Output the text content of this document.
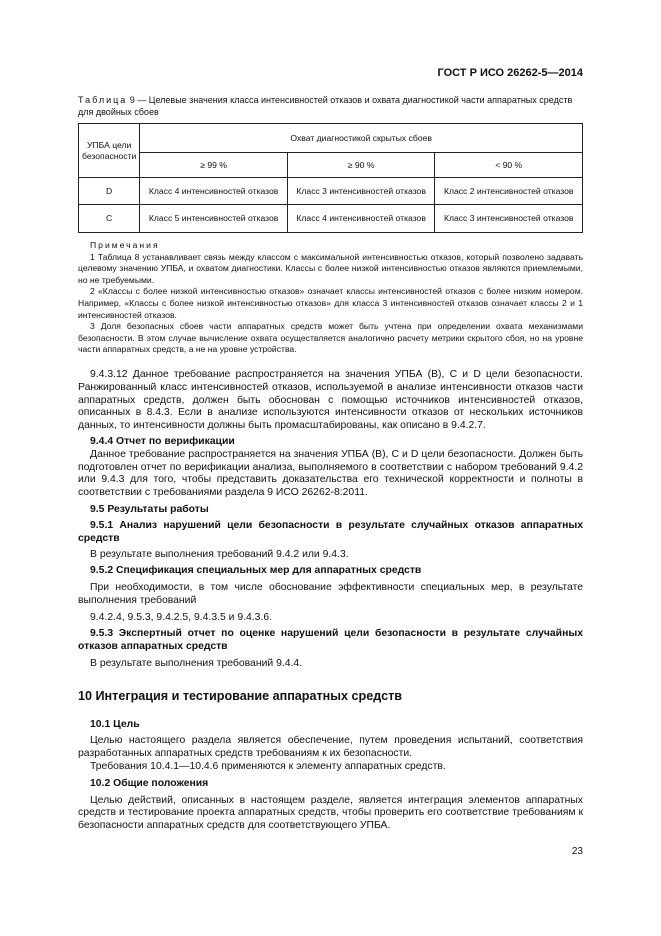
ГОСТ Р ИСО 26262-5—2014
Таблица 9 — Целевые значения класса интенсивностей отказов и охвата диагностикой части аппаратных средств для двойных сбоев
УПБА цели безопасности	Охват диагностикой скрытых сбоев		
	≥ 99 %	≥ 90 %	< 90 %
D	Класс 4 интенсивностей отказов	Класс 3 интенсивностей отказов	Класс 2 интенсивностей отказов
C	Класс 5 интенсивностей отказов	Класс 4 интенсивностей отказов	Класс 3 интенсивностей отказов

Примечания

1 Таблица 8 устанавливает связь между классом с максимальной интенсивностью отказов, который позволено задавать целевому значению УПБА, и охватом диагностики. Классы с более низкой интенсивностью отказов являются приемлемыми, но не требуемыми.

2 «Классы с более низкой интенсивностью отказов» означает классы интенсивностей отказов с более низким номером. Например, «Классы с более низкой интенсивностью отказов» для класса 3 интенсивностей отказов означает классы 2 и 1 интенсивностей отказов.

3 Доля безопасных сбоев части аппаратных средств может быть учтена при определении охвата механизмами безопасности. В этом случае вычисление охвата осуществляется аналогично расчету метрики скрытого сбоя, но на уровне части аппаратных средств, а не на уровне устройства.

9.4.3.12 Данное требование распространяется на значения УПБА (В), С и D цели безопасности. Ранжированный класс интенсивностей отказов, используемой в анализе интенсивности отказов части аппаратных средств, должен быть обоснован с помощью источников интенсивностей отказов, описанных в 8.4.3. Если в анализе используются интенсивности отказов от нескольких источников данных, то интенсивности должны быть промасштабированы, как описано в 9.4.2.7.

9.4.4 Отчет по верификации

Данное требование распространяется на значения УПБА (В), С и D цели безопасности. Должен быть подготовлен отчет по верификации анализа, выполняемого в соответствии с набором требований 9.4.2 или 9.4.3 для того, чтобы представить доказательства его технической корректности и полноты в соответствии с требованиями раздела 9 ИСО 26262-8:2011.

9.5 Результаты работы

9.5.1 Анализ нарушений цели безопасности в результате случайных отказов аппаратных средств

В результате выполнения требований 9.4.2 или 9.4.3.

9.5.2 Спецификация специальных мер для аппаратных средств

При необходимости, в том числе обоснование эффективности специальных мер, в результате выполнения требований

9.4.2.4, 9.5.3, 9.4.2.5, 9.4.3.5 и 9.4.3.6.

9.5.3 Экспертный отчет по оценке нарушений цели безопасности в результате случайных отказов аппаратных средств

В результате выполнения требований 9.4.4.

10 Интеграция и тестирование аппаратных средств

10.1 Цель

Целью настоящего раздела является обеспечение, путем проведения испытаний, соответствия разработанных аппаратных средств требованиям к их безопасности.

Требования 10.4.1—10.4.6 применяются к элементу аппаратных средств.

10.2 Общие положения

Целью действий, описанных в настоящем разделе, является интеграция элементов аппаратных средств и тестирование проекта аппаратных средств, чтобы проверить его соответствие требованиям к безопасности аппаратных средств для соответствующего УПБА.

23
